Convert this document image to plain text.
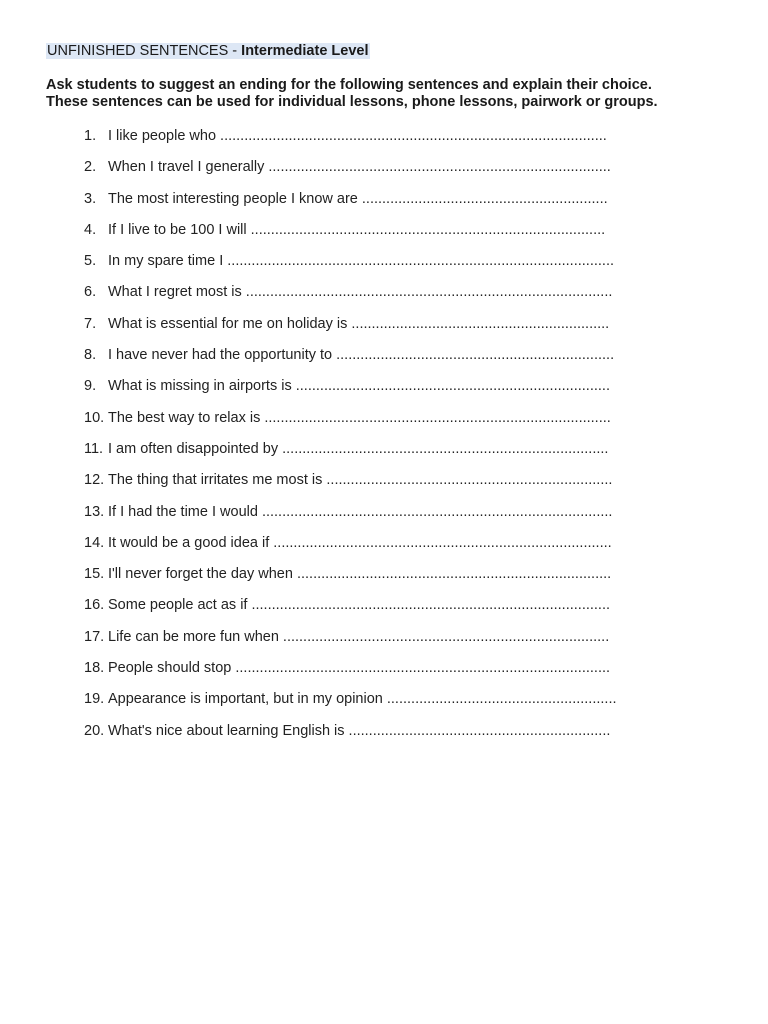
UNFINISHED SENTENCES - Intermediate Level
Ask students to suggest an ending for the following sentences and explain their choice.
These sentences can be used for individual lessons, phone lessons, pairwork or groups.
1. I like people who ................................................................................................
2. When I travel I generally .....................................................................................
3. The most interesting people I know are .............................................................
4. If I live to be 100 I will ........................................................................................
5. In my spare time I ................................................................................................
6. What I regret most is ...........................................................................................
7. What is essential for me on holiday is ................................................................
8. I have never had the opportunity to .....................................................................
9. What is missing in airports is ..............................................................................
10. The best way to relax is ......................................................................................
11. I am often disappointed by .................................................................................
12. The thing that irritates me most is .......................................................................
13. If I had the time I would .......................................................................................
14. It would be a good idea if ....................................................................................
15. I'll never forget the day when ..............................................................................
16. Some people act as if .........................................................................................
17. Life can be more fun when .................................................................................
18. People should stop .............................................................................................
19. Appearance is important, but in my opinion .........................................................
20. What's nice about learning English is .................................................................
